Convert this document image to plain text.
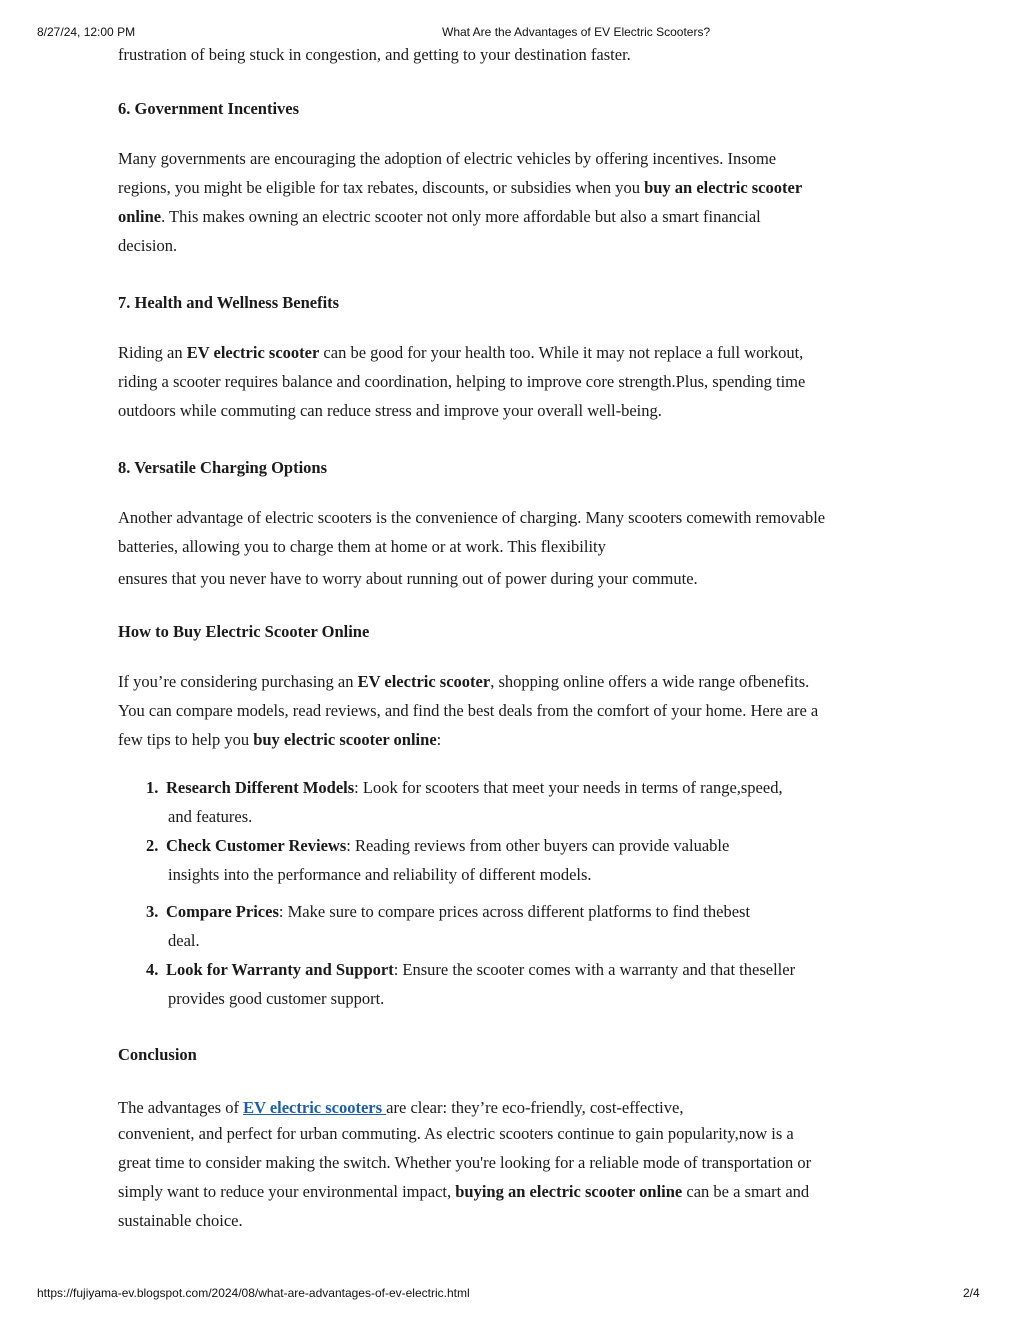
8/27/24, 12:00 PM	What Are the Advantages of EV Electric Scooters?

frustration of being stuck in congestion, and getting to your destination faster.

6. Government Incentives

Many governments are encouraging the adoption of electric vehicles by offering incentives. Insome
regions, you might be eligible for tax rebates, discounts, or subsidies when you buy an electric scooter
online. This makes owning an electric scooter not only more affordable but also a smart financial
decision.

7. Health and Wellness Benefits

Riding an EV electric scooter can be good for your health too. While it may not replace a full workout,
riding a scooter requires balance and coordination, helping to improve core strength.Plus, spending time
outdoors while commuting can reduce stress and improve your overall well-being.

8. Versatile Charging Options

Another advantage of electric scooters is the convenience of charging. Many scooters comewith removable
batteries, allowing you to charge them at home or at work. This flexibility
ensures that you never have to worry about running out of power during your commute.

How to Buy Electric Scooter Online

If you’re considering purchasing an EV electric scooter, shopping online offers a wide range ofbenefits.
You can compare models, read reviews, and find the best deals from the comfort of your home. Here are a
few tips to help you buy electric scooter online:

1. Research Different Models: Look for scooters that meet your needs in terms of range,speed,
and features.
2. Check Customer Reviews: Reading reviews from other buyers can provide valuable
insights into the performance and reliability of different models.
3. Compare Prices: Make sure to compare prices across different platforms to find thebest
deal.
4. Look for Warranty and Support: Ensure the scooter comes with a warranty and that theseller
provides good customer support.
Conclusion

The advantages of EV electric scooters are clear: they’re eco-friendly, cost-effective,
convenient, and perfect for urban commuting. As electric scooters continue to gain popularity,now is a
great time to consider making the switch. Whether you're looking for a reliable mode of transportation or
simply want to reduce your environmental impact, buying an electric scooter online can be a smart and
sustainable choice.

https://fujiyama-ev.blogspot.com/2024/08/what-are-advantages-of-ev-electric.html	2/4
